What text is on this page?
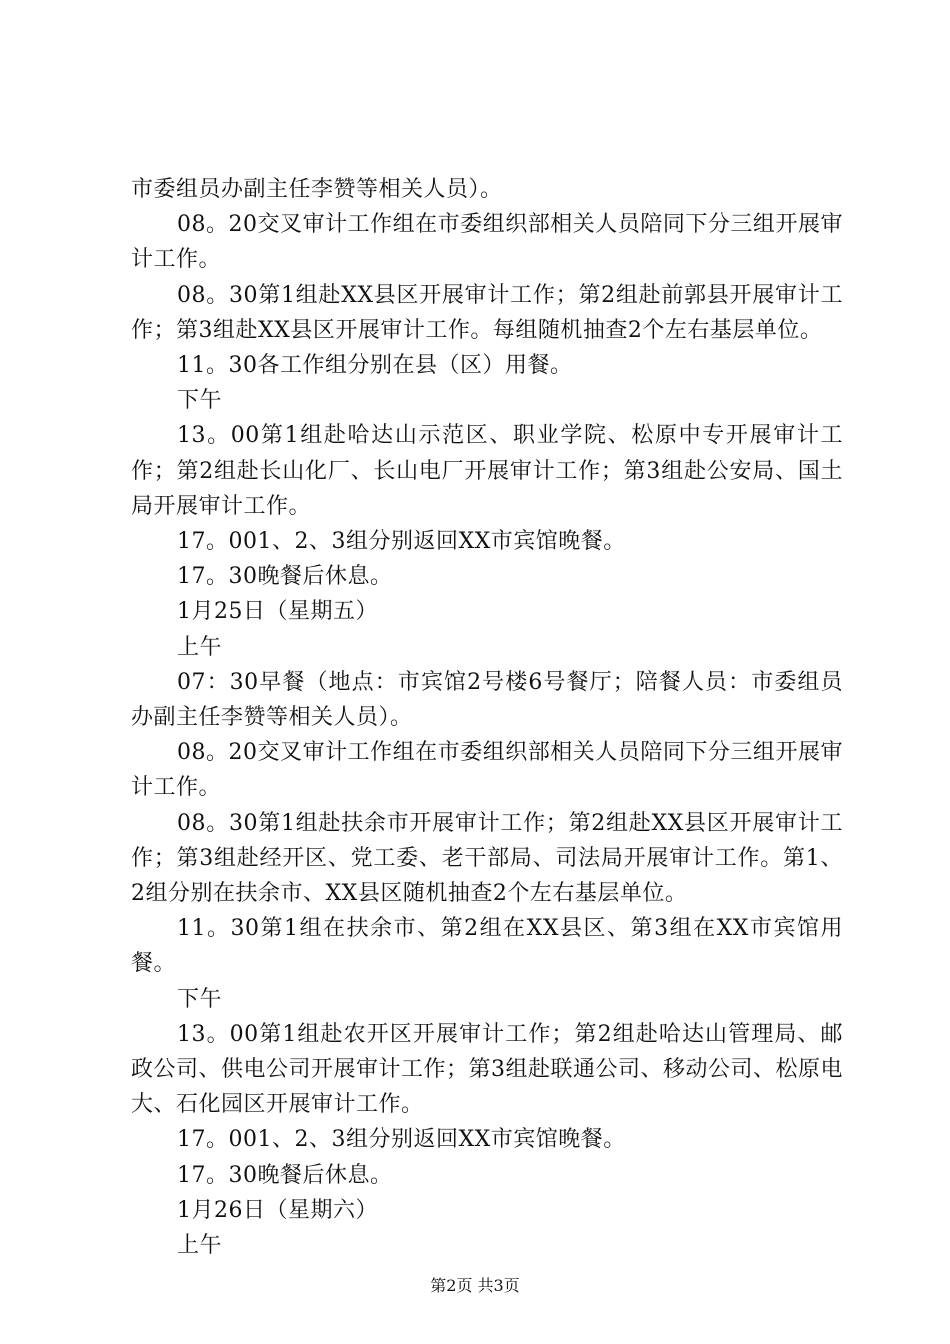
市委组员办副主任李赞等相关人员）。

08。20交叉审计工作组在市委组织部相关人员陪同下分三组开展审计工作。

08。30第1组赴XX县区开展审计工作；第2组赴前郭县开展审计工作；第3组赴XX县区开展审计工作。每组随机抽查2个左右基层单位。

11。30各工作组分别在县（区）用餐。

下午

13。00第1组赴哈达山示范区、职业学院、松原中专开展审计工作；第2组赴长山化厂、长山电厂开展审计工作；第3组赴公安局、国土局开展审计工作。

17。001、2、3组分别返回XX市宾馆晚餐。

17。30晚餐后休息。

1月25日（星期五）

上午

07：30早餐（地点：市宾馆2号楼6号餐厅；陪餐人员：市委组员办副主任李赞等相关人员）。

08。20交叉审计工作组在市委组织部相关人员陪同下分三组开展审计工作。

08。30第1组赴扶余市开展审计工作；第2组赴XX县区开展审计工作；第3组赴经开区、党工委、老干部局、司法局开展审计工作。第1、2组分别在扶余市、XX县区随机抽查2个左右基层单位。

11。30第1组在扶余市、第2组在XX县区、第3组在XX市宾馆用餐。

下午

13。00第1组赴农开区开展审计工作；第2组赴哈达山管理局、邮政公司、供电公司开展审计工作；第3组赴联通公司、移动公司、松原电大、石化园区开展审计工作。

17。001、2、3组分别返回XX市宾馆晚餐。

17。30晚餐后休息。

1月26日（星期六）

上午

第2页 共3页
